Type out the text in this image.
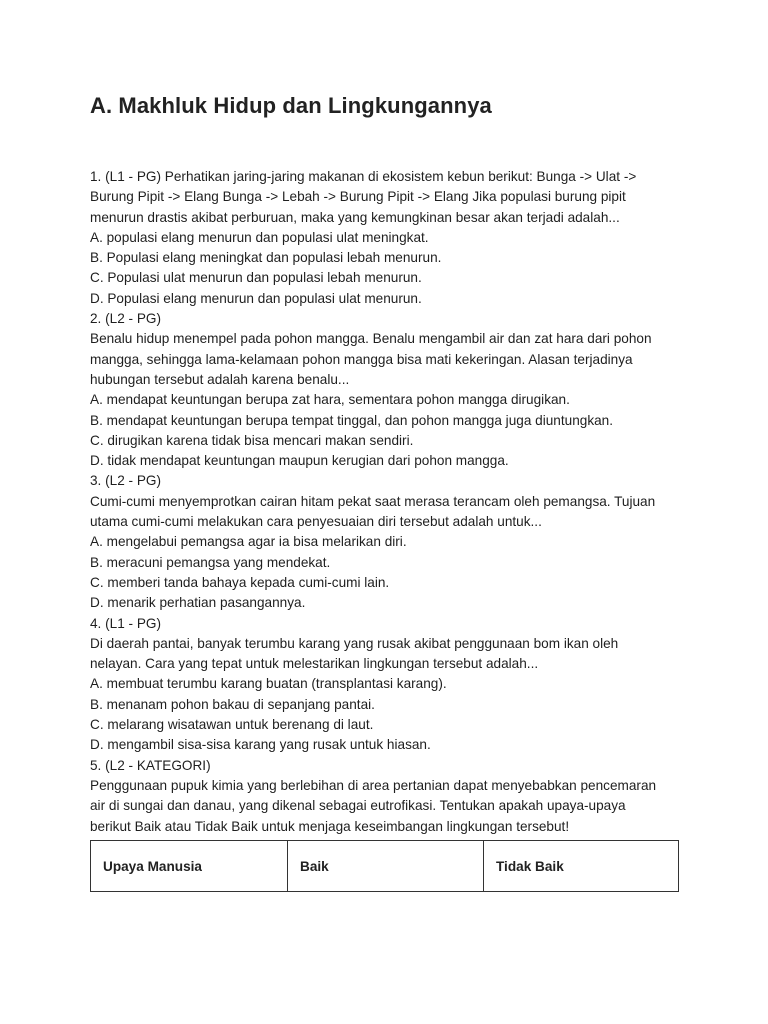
A. Makhluk Hidup dan Lingkungannya
1. (L1 - PG) Perhatikan jaring-jaring makanan di ekosistem kebun berikut: Bunga -> Ulat ->
Burung Pipit -> Elang Bunga -> Lebah -> Burung Pipit -> Elang Jika populasi burung pipit
menurun drastis akibat perburuan, maka yang kemungkinan besar akan terjadi adalah...
A. populasi elang menurun dan populasi ulat meningkat.
B. Populasi elang meningkat dan populasi lebah menurun.
C. Populasi ulat menurun dan populasi lebah menurun.
D. Populasi elang menurun dan populasi ulat menurun.
2. (L2 - PG)
Benalu hidup menempel pada pohon mangga. Benalu mengambil air dan zat hara dari pohon
mangga, sehingga lama-kelamaan pohon mangga bisa mati kekeringan. Alasan terjadinya
hubungan tersebut adalah karena benalu...
A. mendapat keuntungan berupa zat hara, sementara pohon mangga dirugikan.
B. mendapat keuntungan berupa tempat tinggal, dan pohon mangga juga diuntungkan.
C. dirugikan karena tidak bisa mencari makan sendiri.
D. tidak mendapat keuntungan maupun kerugian dari pohon mangga.
3. (L2 - PG)
Cumi-cumi menyemprotkan cairan hitam pekat saat merasa terancam oleh pemangsa. Tujuan
utama cumi-cumi melakukan cara penyesuaian diri tersebut adalah untuk...
A. mengelabui pemangsa agar ia bisa melarikan diri.
B. meracuni pemangsa yang mendekat.
C. memberi tanda bahaya kepada cumi-cumi lain.
D. menarik perhatian pasangannya.
4. (L1 - PG)
Di daerah pantai, banyak terumbu karang yang rusak akibat penggunaan bom ikan oleh
nelayan. Cara yang tepat untuk melestarikan lingkungan tersebut adalah...
A. membuat terumbu karang buatan (transplantasi karang).
B. menanam pohon bakau di sepanjang pantai.
C. melarang wisatawan untuk berenang di laut.
D. mengambil sisa-sisa karang yang rusak untuk hiasan.
5. (L2 - KATEGORI)
Penggunaan pupuk kimia yang berlebihan di area pertanian dapat menyebabkan pencemaran
air di sungai dan danau, yang dikenal sebagai eutrofikasi. Tentukan apakah upaya-upaya
berikut Baik atau Tidak Baik untuk menjaga keseimbangan lingkungan tersebut!
Upaya Manusia	Baik	Tidak Baik
